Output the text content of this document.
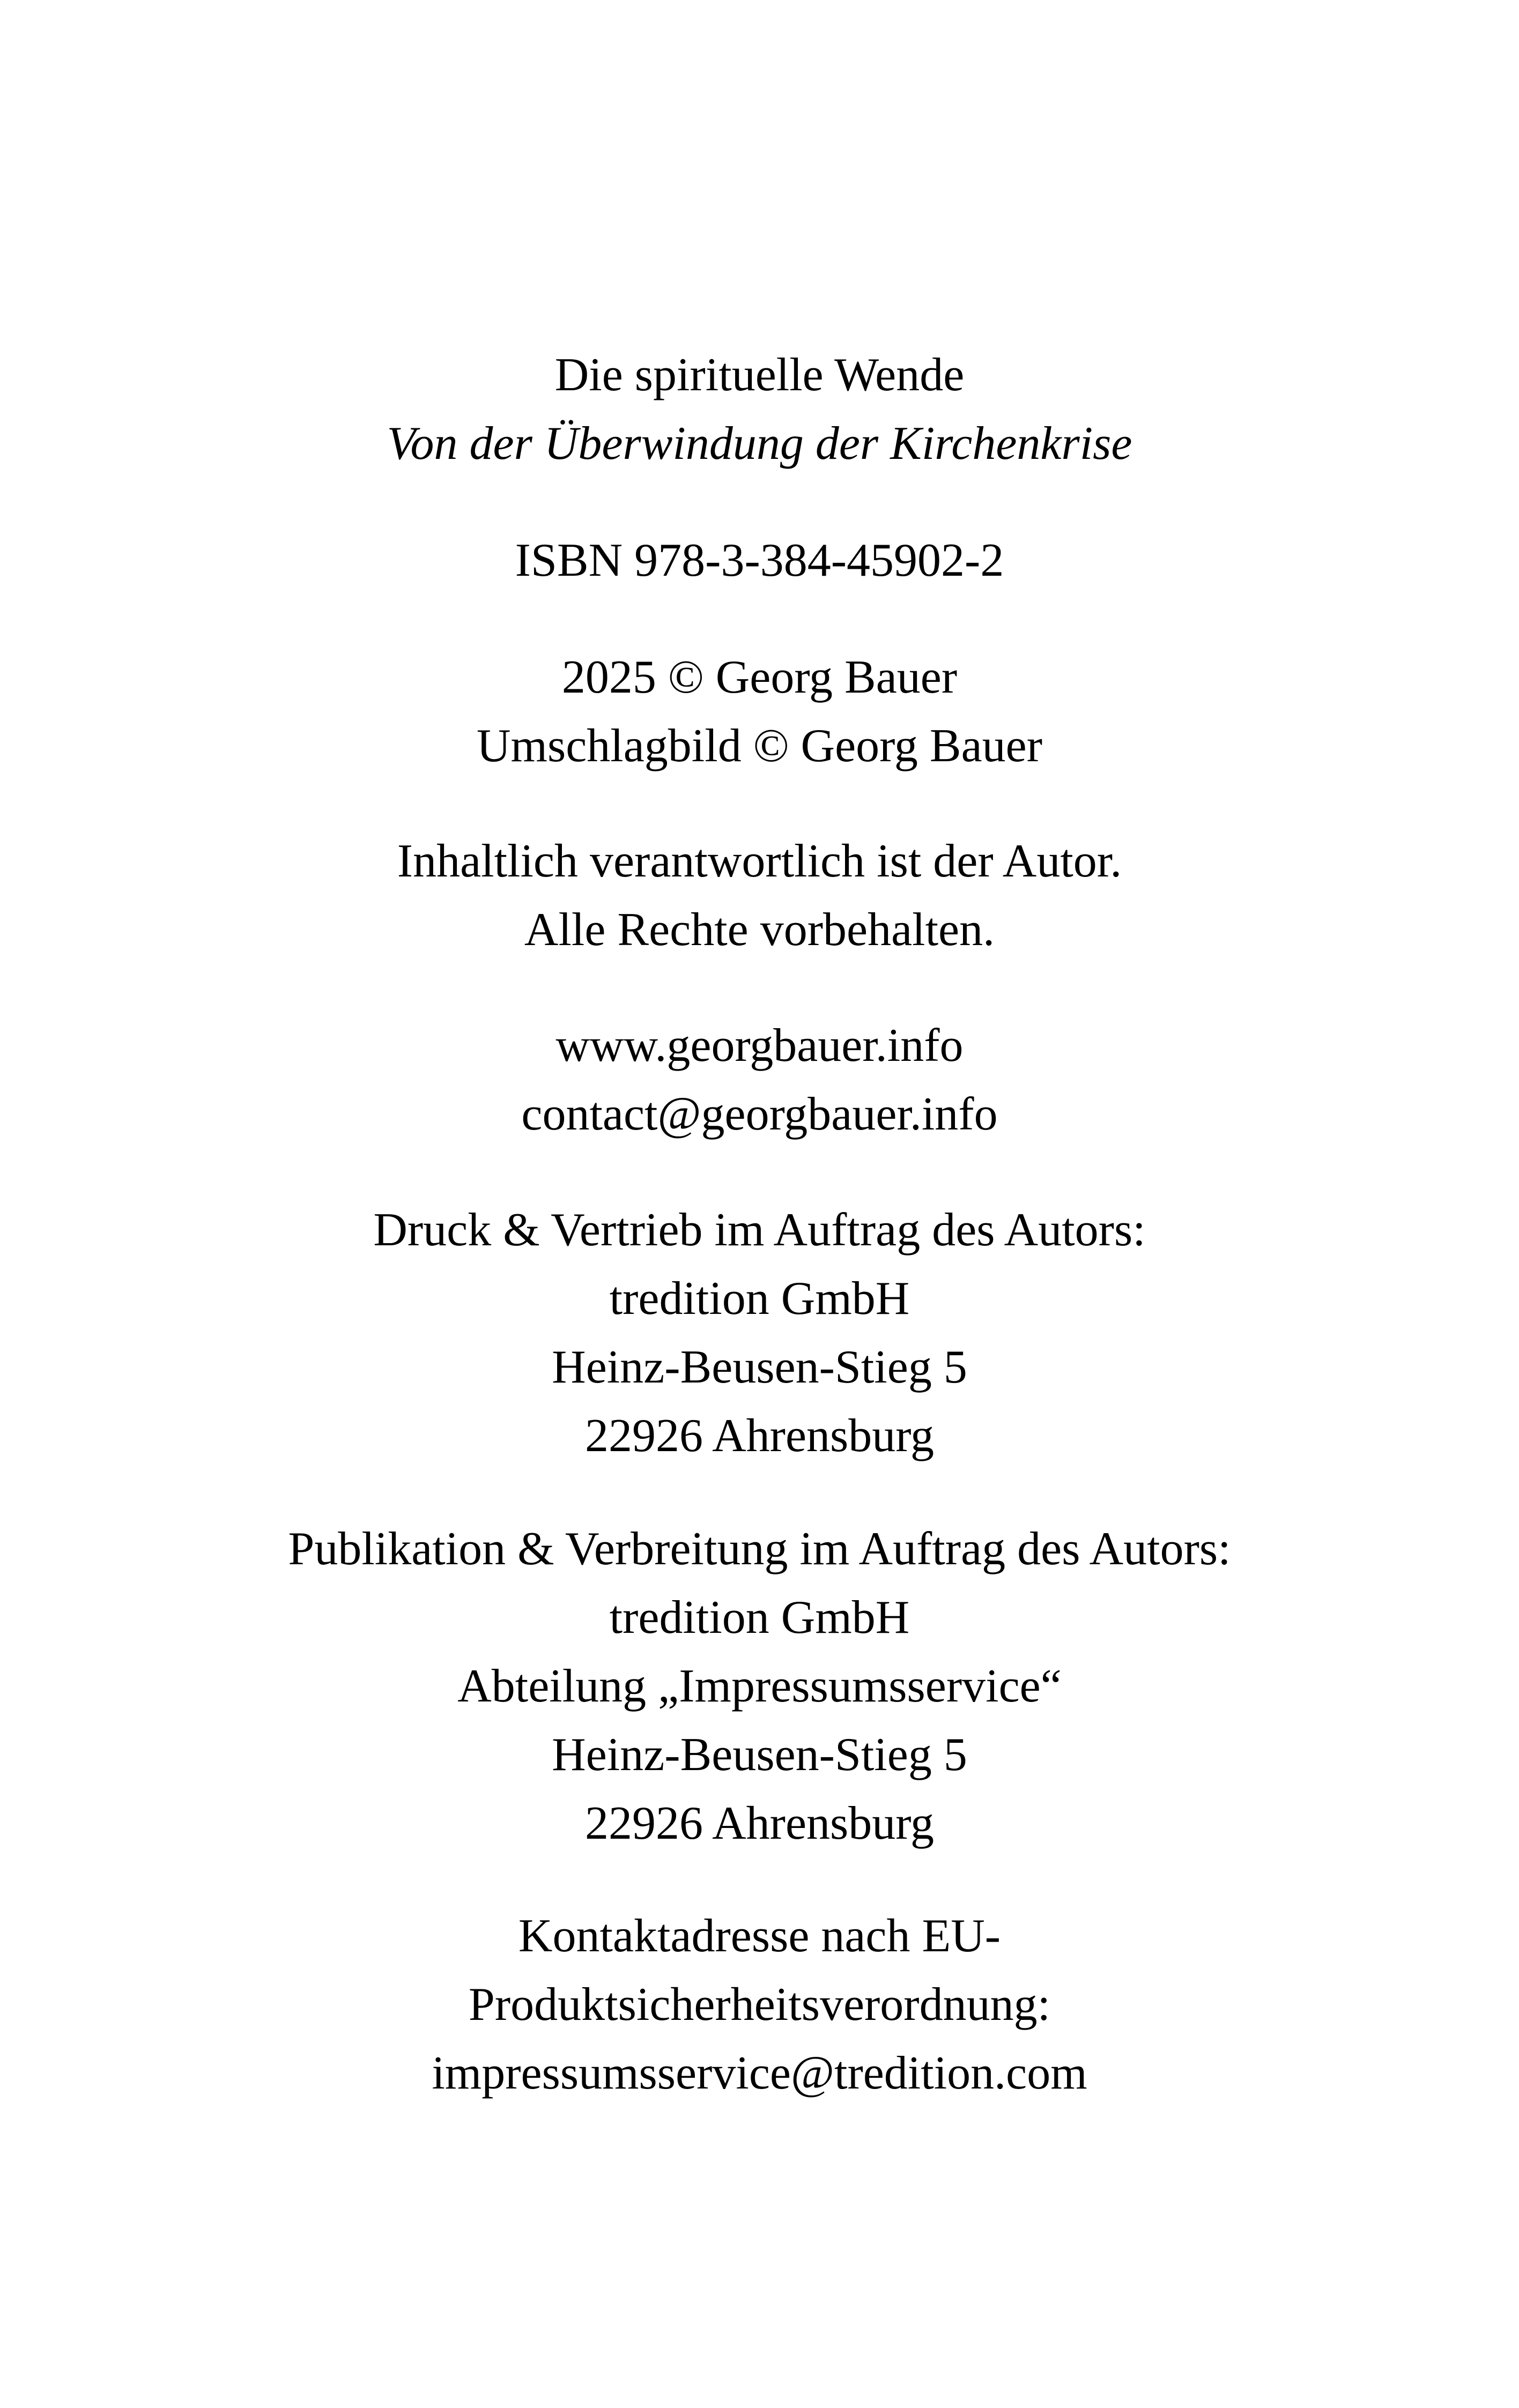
Die spirituelle Wende
Von der Überwindung der Kirchenkrise
ISBN 978-3-384-45902-2
2025 © Georg Bauer
Umschlagbild © Georg Bauer
Inhaltlich verantwortlich ist der Autor.
Alle Rechte vorbehalten.
www.georgbauer.info
contact@georgbauer.info
Druck & Vertrieb im Auftrag des Autors:
tredition GmbH
Heinz-Beusen-Stieg 5
22926 Ahrensburg
Publikation & Verbreitung im Auftrag des Autors:
tredition GmbH
Abteilung „Impressumsservice“
Heinz-Beusen-Stieg 5
22926 Ahrensburg
Kontaktadresse nach EU-
Produktsicherheitsverordnung:
impressumsservice@tredition.com
